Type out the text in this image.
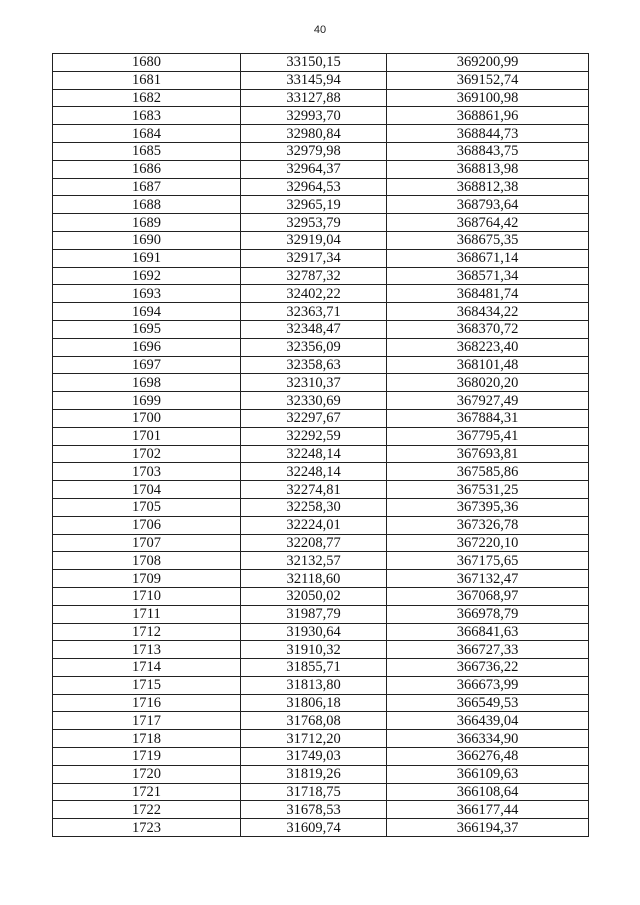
40
1680	33150,15	369200,99
1681	33145,94	369152,74
1682	33127,88	369100,98
1683	32993,70	368861,96
1684	32980,84	368844,73
1685	32979,98	368843,75
1686	32964,37	368813,98
1687	32964,53	368812,38
1688	32965,19	368793,64
1689	32953,79	368764,42
1690	32919,04	368675,35
1691	32917,34	368671,14
1692	32787,32	368571,34
1693	32402,22	368481,74
1694	32363,71	368434,22
1695	32348,47	368370,72
1696	32356,09	368223,40
1697	32358,63	368101,48
1698	32310,37	368020,20
1699	32330,69	367927,49
1700	32297,67	367884,31
1701	32292,59	367795,41
1702	32248,14	367693,81
1703	32248,14	367585,86
1704	32274,81	367531,25
1705	32258,30	367395,36
1706	32224,01	367326,78
1707	32208,77	367220,10
1708	32132,57	367175,65
1709	32118,60	367132,47
1710	32050,02	367068,97
1711	31987,79	366978,79
1712	31930,64	366841,63
1713	31910,32	366727,33
1714	31855,71	366736,22
1715	31813,80	366673,99
1716	31806,18	366549,53
1717	31768,08	366439,04
1718	31712,20	366334,90
1719	31749,03	366276,48
1720	31819,26	366109,63
1721	31718,75	366108,64
1722	31678,53	366177,44
1723	31609,74	366194,37
